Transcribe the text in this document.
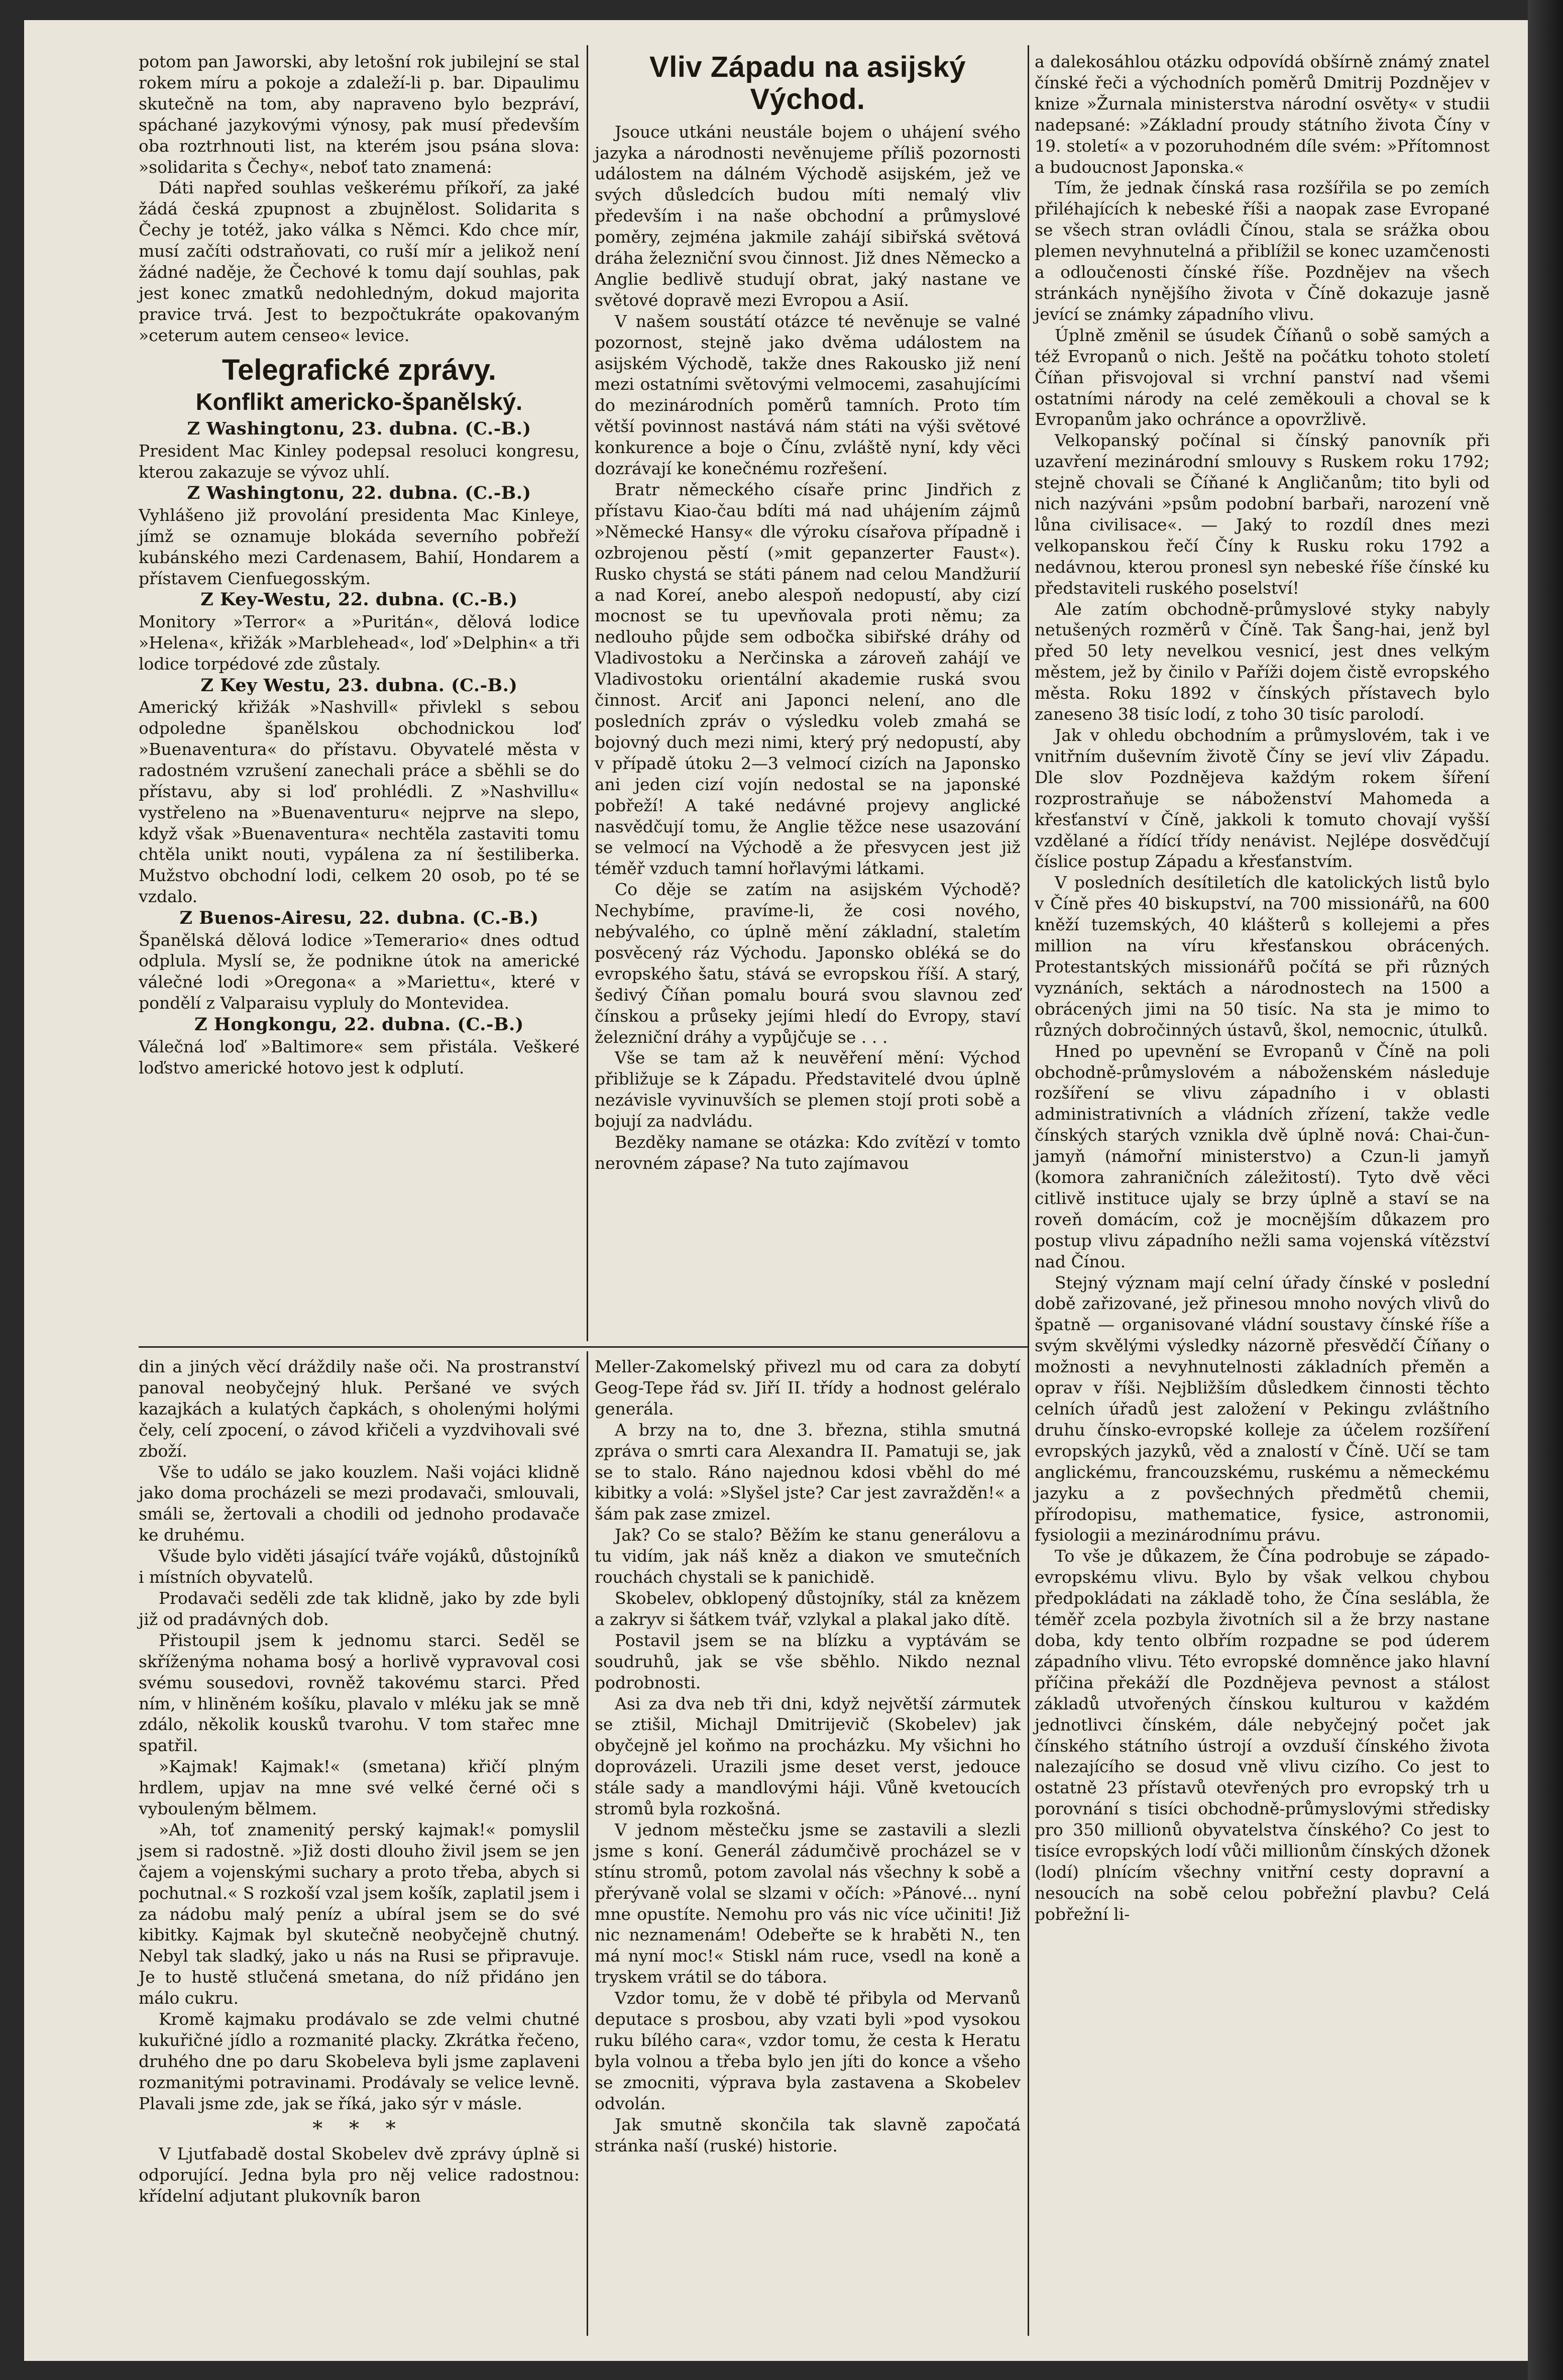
potom pan Jaworski, aby letošní rok jubilejní se stal rokem míru a pokoje a zdaleží-li p. bar. Dipaulimu skutečně na tom, aby napraveno bylo bezpráví, spáchané jazykovými výnosy, pak musí především oba roztrhnouti list, na kterém jsou psána slova: »solidarita s Čechy«, neboť tato znamená:

Dáti napřed souhlas veškerému příkoří, za jaké žádá česká zpupnost a zbujnělost. Solidarita s Čechy je totéž, jako válka s Němci. Kdo chce mír, musí začíti odstraňovati, co ruší mír a jelikož není žádné naděje, že Čechové k tomu dají souhlas, pak jest konec zmatků nedohledným, dokud majorita pravice trvá. Jest to bezpočtukráte opakovaným »ceterum autem censeo« levice.

Telegrafické zprávy.
Konflikt americko-španělský.
Z Washingtonu, 23. dubna. (C.-B.)

President Mac Kinley podepsal resoluci kongresu, kterou zakazuje se vývoz uhlí.

Z Washingtonu, 22. dubna. (C.-B.)

Vyhlášeno již provolání presidenta Mac Kinleye, jímž se oznamuje blokáda severního pobřeží kubánského mezi Cardenasem, Bahií, Hondarem a přístavem Cienfuegosským.

Z Key-Westu, 22. dubna. (C.-B.)

Monitory »Terror« a »Puritán«, dělová lodice »Helena«, křižák »Marblehead«, loď »Delphin« a tři lodice torpédové zde zůstaly.

Z Key Westu, 23. dubna. (C.-B.)

Americký křižák »Nashvill« přivlekl s sebou odpoledne španělskou obchodnickou loď »Buenaventura« do přístavu. Obyvatelé města v radostném vzrušení zanechali práce a sběhli se do přístavu, aby si loď prohlédli. Z »Nashvillu« vystřeleno na »Buenaventuru« nejprve na slepo, když však »Buenaventura« nechtěla zastaviti tomu chtěla unikt nouti, vypálena za ní šestiliberka. Mužstvo obchodní lodi, celkem 20 osob, po té se vzdalo.

Z Buenos-Airesu, 22. dubna. (C.-B.)

Španělská dělová lodice »Temerario« dnes odtud odplula. Myslí se, že podnikne útok na americké válečné lodi »Oregona« a »Mariettu«, které v pondělí z Valparaisu vypluly do Montevidea.

Z Hongkongu, 22. dubna. (C.-B.)

Válečná loď »Baltimore« sem přistála. Veškeré loďstvo americké hotovo jest k odplutí.

Vliv Západu na asijský Východ.

Jsouce utkáni neustále bojem o uhájení svého jazyka a národnosti nevěnujeme příliš pozornosti událostem na dálném Východě asijském, jež ve svých důsledcích budou míti nemalý vliv především i na naše obchodní a průmyslové poměry, zejména jakmile zahájí sibiřská světová dráha železniční svou činnost. Již dnes Německo a Anglie bedlivě studují obrat, jaký nastane ve světové dopravě mezi Evropou a Asií.

V našem soustátí otázce té nevěnuje se valné pozornost, stejně jako dvěma událostem na asijském Východě, takže dnes Rakousko již není mezi ostatními světovými velmocemi, zasahujícími do mezinárodních poměrů tamních. Proto tím větší povinnost nastává nám státi na výši světové konkurence a boje o Čínu, zvláště nyní, kdy věci dozrávají ke konečnému rozřešení.

Bratr německého císaře princ Jindřich z přístavu Kiao-čau bdíti má nad uhájením zájmů »Německé Hansy« dle výroku císařova případně i ozbrojenou pěstí (»mit gepanzerter Faust«). Rusko chystá se státi pánem nad celou Mandžurií a nad Koreí, anebo alespoň nedopustí, aby cizí mocnost se tu upevňovala proti němu; za nedlouho půjde sem odbočka sibiřské dráhy od Vladivostoku a Nerčinska a zároveň zahájí ve Vladivostoku orientální akademie ruská svou činnost. Arciť ani Japonci nelení, ano dle posledních zpráv o výsledku voleb zmahá se bojovný duch mezi nimi, který prý nedopustí, aby v případě útoku 2—3 velmocí cizích na Japonsko ani jeden cizí vojín nedostal se na japonské pobřeží! A také nedávné projevy anglické nasvědčují tomu, že Anglie těžce nese usazování se velmocí na Východě a že přesvycen jest již téměř vzduch tamní hořlavými látkami.

Co děje se zatím na asijském Východě? Nechybíme, pravíme-li, že cosi nového, nebývalého, co úplně mění základní, staletím posvěcený ráz Východu. Japonsko obléká se do evropského šatu, stává se evropskou říší. A starý, šedivý Číňan pomalu bourá svou slavnou zeď čínskou a průseky jejími hledí do Evropy, staví železniční dráhy a vypůjčuje se . . .

Vše se tam až k neuvěření mění: Východ přibližuje se k Západu. Představitelé dvou úplně nezávisle vyvinuvších se plemen stojí proti sobě a bojují za nadvládu.

Bezděky namane se otázka: Kdo zvítězí v tomto nerovném zápase? Na tuto zajímavou

a dalekosáhlou otázku odpovídá obšírně známý znatel čínské řeči a východních poměrů Dmitrij Pozdnějev v knize »Žurnala ministerstva národní osvěty« v studii nadepsané: »Základní proudy státního života Číny v 19. století« a v pozoruhodném díle svém: »Přítomnost a budoucnost Japonska.«

Tím, že jednak čínská rasa rozšířila se po zemích přiléhajících k nebeské říši a naopak zase Evropané se všech stran ovládli Čínou, stala se srážka obou plemen nevyhnutelná a přiblížil se konec uzamčenosti a odloučenosti čínské říše. Pozdnějev na všech stránkách nynějšího života v Číně dokazuje jasně jevící se známky západního vlivu.

Úplně změnil se úsudek Číňanů o sobě samých a též Evropanů o nich. Ještě na počátku tohoto století Číňan přisvojoval si vrchní panství nad všemi ostatními národy na celé zeměkouli a choval se k Evropanům jako ochránce a opovržlivě.

Velkopanský počínal si čínský panovník při uzavření mezinárodní smlouvy s Ruskem roku 1792; stejně chovali se Číňané k Angličanům; tito byli od nich nazýváni »psům podobní barbaři, narození vně lůna civilisace«. — Jaký to rozdíl dnes mezi velkopanskou řečí Číny k Rusku roku 1792 a nedávnou, kterou pronesl syn nebeské říše čínské ku představiteli ruského poselství!

Ale zatím obchodně-průmyslové styky nabyly netušených rozměrů v Číně. Tak Šang-hai, jenž byl před 50 lety nevelkou vesnicí, jest dnes velkým městem, jež by činilo v Paříži dojem čistě evropského města. Roku 1892 v čínských přístavech bylo zaneseno 38 tisíc lodí, z toho 30 tisíc parolodí.

Jak v ohledu obchodním a průmyslovém, tak i ve vnitřním duševním životě Číny se jeví vliv Západu. Dle slov Pozdnějeva každým rokem šíření rozprostraňuje se náboženství Mahomeda a křesťanství v Číně, jakkoli k tomuto chovají vyšší vzdělané a řídící třídy nenávist. Nejlépe dosvědčují číslice postup Západu a křesťanstvím.

V posledních desítiletích dle katolických listů bylo v Číně přes 40 biskupství, na 700 missionářů, na 600 kněží tuzemských, 40 klášterů s kollejemi a přes million na víru křesťanskou obrácených. Protestantských missionářů počítá se při různých vyznáních, sektách a národnostech na 1500 a obrácených jimi na 50 tisíc. Na sta je mimo to různých dobročinných ústavů, škol, nemocnic, útulků.

Hned po upevnění se Evropanů v Číně na poli obchodně-průmyslovém a náboženském následuje rozšíření se vlivu západního i v oblasti administrativních a vládních zřízení, takže vedle čínských starých vznikla dvě úplně nová: Chai-čun-jamyň (námořní ministerstvo) a Czun-li jamyň (komora zahraničních záležitostí). Tyto dvě věci citlivě instituce ujaly se brzy úplně a staví se na roveň domácím, což je mocnějším důkazem pro postup vlivu západního nežli sama vojenská vítězství nad Čínou.

Stejný význam mají celní úřady čínské v poslední době zařizované, jež přinesou mnoho nových vlivů do špatně — organisované vládní soustavy čínské říše a svým skvělými výsledky názorně přesvědčí Číňany o možnosti a nevyhnutelnosti základních přeměn a oprav v říši. Nejbližším důsledkem činnosti těchto celních úřadů jest založení v Pekingu zvláštního druhu čínsko-evropské kolleje za účelem rozšíření evropských jazyků, věd a znalostí v Číně. Učí se tam anglickému, francouzskému, ruskému a německému jazyku a z povšechných předmětů chemii, přírodopisu, mathematice, fysice, astronomii, fysiologii a mezinárodnímu právu.

To vše je důkazem, že Čína podrobuje se západo-evropskému vlivu. Bylo by však velkou chybou předpokládati na základě toho, že Čína seslábla, že téměř zcela pozbyla životních sil a že brzy nastane doba, kdy tento olbřím rozpadne se pod úderem západního vlivu. Této evropské domněnce jako hlavní příčina překáží dle Pozdnějeva pevnost a stálost základů utvořených čínskou kulturou v každém jednotlivci čínském, dále nebyčejný počet jak čínského státního ústrojí a ovzduší čínského života nalezajícího se dosud vně vlivu cizího. Co jest to ostatně 23 přístavů otevřených pro evropský trh u porovnání s tisíci obchodně-průmyslovými středisky pro 350 millionů obyvatelstva čínského? Co jest to tisíce evropských lodí vůči millionům čínských džonek (lodí) plnícím všechny vnitřní cesty dopravní a nesoucích na sobě celou pobřežní plavbu? Celá pobřežní li-

din a jiných věcí dráždily naše oči. Na prostranství panoval neobyčejný hluk. Peršané ve svých kazajkách a kulatých čapkách, s oholenými holými čely, celí zpocení, o závod křičeli a vyzdvihovali své zboží.

Vše to událo se jako kouzlem. Naši vojáci klidně jako doma procházeli se mezi prodavači, smlouvali, smáli se, žertovali a chodili od jednoho prodavače ke druhému.

Všude bylo viděti jásající tváře vojáků, důstojníků i místních obyvatelů.

Prodavači seděli zde tak klidně, jako by zde byli již od pradávných dob.

Přistoupil jsem k jednomu starci. Seděl se skříženýma nohama bosý a horlivě vypravoval cosi svému sousedovi, rovněž takovému starci. Před ním, v hliněném košíku, plavalo v mléku jak se mně zdálo, několik kousků tvarohu. V tom stařec mne spatřil.

»Kajmak! Kajmak!« (smetana) křičí plným hrdlem, upjav na mne své velké černé oči s vybouleným bělmem.

»Ah, toť znamenitý perský kajmak!« pomyslil jsem si radostně. »Již dosti dlouho živil jsem se jen čajem a vojenskými suchary a proto třeba, abych si pochutnal.« S rozkoší vzal jsem košík, zaplatil jsem i za nádobu malý peníz a ubíral jsem se do své kibitky. Kajmak byl skutečně neobyčejně chutný. Nebyl tak sladký, jako u nás na Rusi se připravuje. Je to hustě stlučená smetana, do níž přidáno jen málo cukru.

Kromě kajmaku prodávalo se zde velmi chutné kukuřičné jídlo a rozmanité placky. Zkrátka řečeno, druhého dne po daru Skobeleva byli jsme zaplaveni rozmanitými potravinami. Prodávaly se velice levně. Plavali jsme zde, jak se říká, jako sýr v másle.

* * *

V Ljutfabadě dostal Skobelev dvě zprávy úplně si odporující. Jedna byla pro něj velice radostnou: křídelní adjutant plukovník baron

Meller-Zakomelský přivezl mu od cara za dobytí Geog-Tepe řád sv. Jiří II. třídy a hodnost geléralo generála.

A brzy na to, dne 3. března, stihla smutná zpráva o smrti cara Alexandra II. Pamatuji se, jak se to stalo. Ráno najednou kdosi vběhl do mé kibitky a volá: »Slyšel jste? Car jest zavražděn!« a šám pak zase zmizel.

Jak? Co se stalo? Běžím ke stanu generálovu a tu vidím, jak náš kněz a diakon ve smutečních rouchách chystali se k panichidě.

Skobelev, obklopený důstojníky, stál za knězem a zakryv si šátkem tvář, vzlykal a plakal jako dítě.

Postavil jsem se na blízku a vyptávám se soudruhů, jak se vše sběhlo. Nikdo neznal podrobnosti.

Asi za dva neb tři dni, když největší zármutek se ztišil, Michajl Dmitrijevič (Skobelev) jak obyčejně jel koňmo na procházku. My všichni ho doprovázeli. Urazili jsme deset verst, jedouce stále sady a mandlovými háji. Vůně kvetoucích stromů byla rozkošná.

V jednom městečku jsme se zastavili a slezli jsme s koní. Generál zádumčivě procházel se v stínu stromů, potom zavolal nás všechny k sobě a přerývaně volal se slzami v očích: »Pánové... nyní mne opustíte. Nemohu pro vás nic více učiniti! Již nic neznamenám! Odebeřte se k hraběti N., ten má nyní moc!« Stiskl nám ruce, vsedl na koně a tryskem vrátil se do tábora.

Vzdor tomu, že v době té přibyla od Mervanů deputace s prosbou, aby vzati byli »pod vysokou ruku bílého cara«, vzdor tomu, že cesta k Heratu byla volnou a třeba bylo jen jíti do konce a všeho se zmocniti, výprava byla zastavena a Skobelev odvolán.

Jak smutně skončila tak slavně započatá stránka naší (ruské) historie.
